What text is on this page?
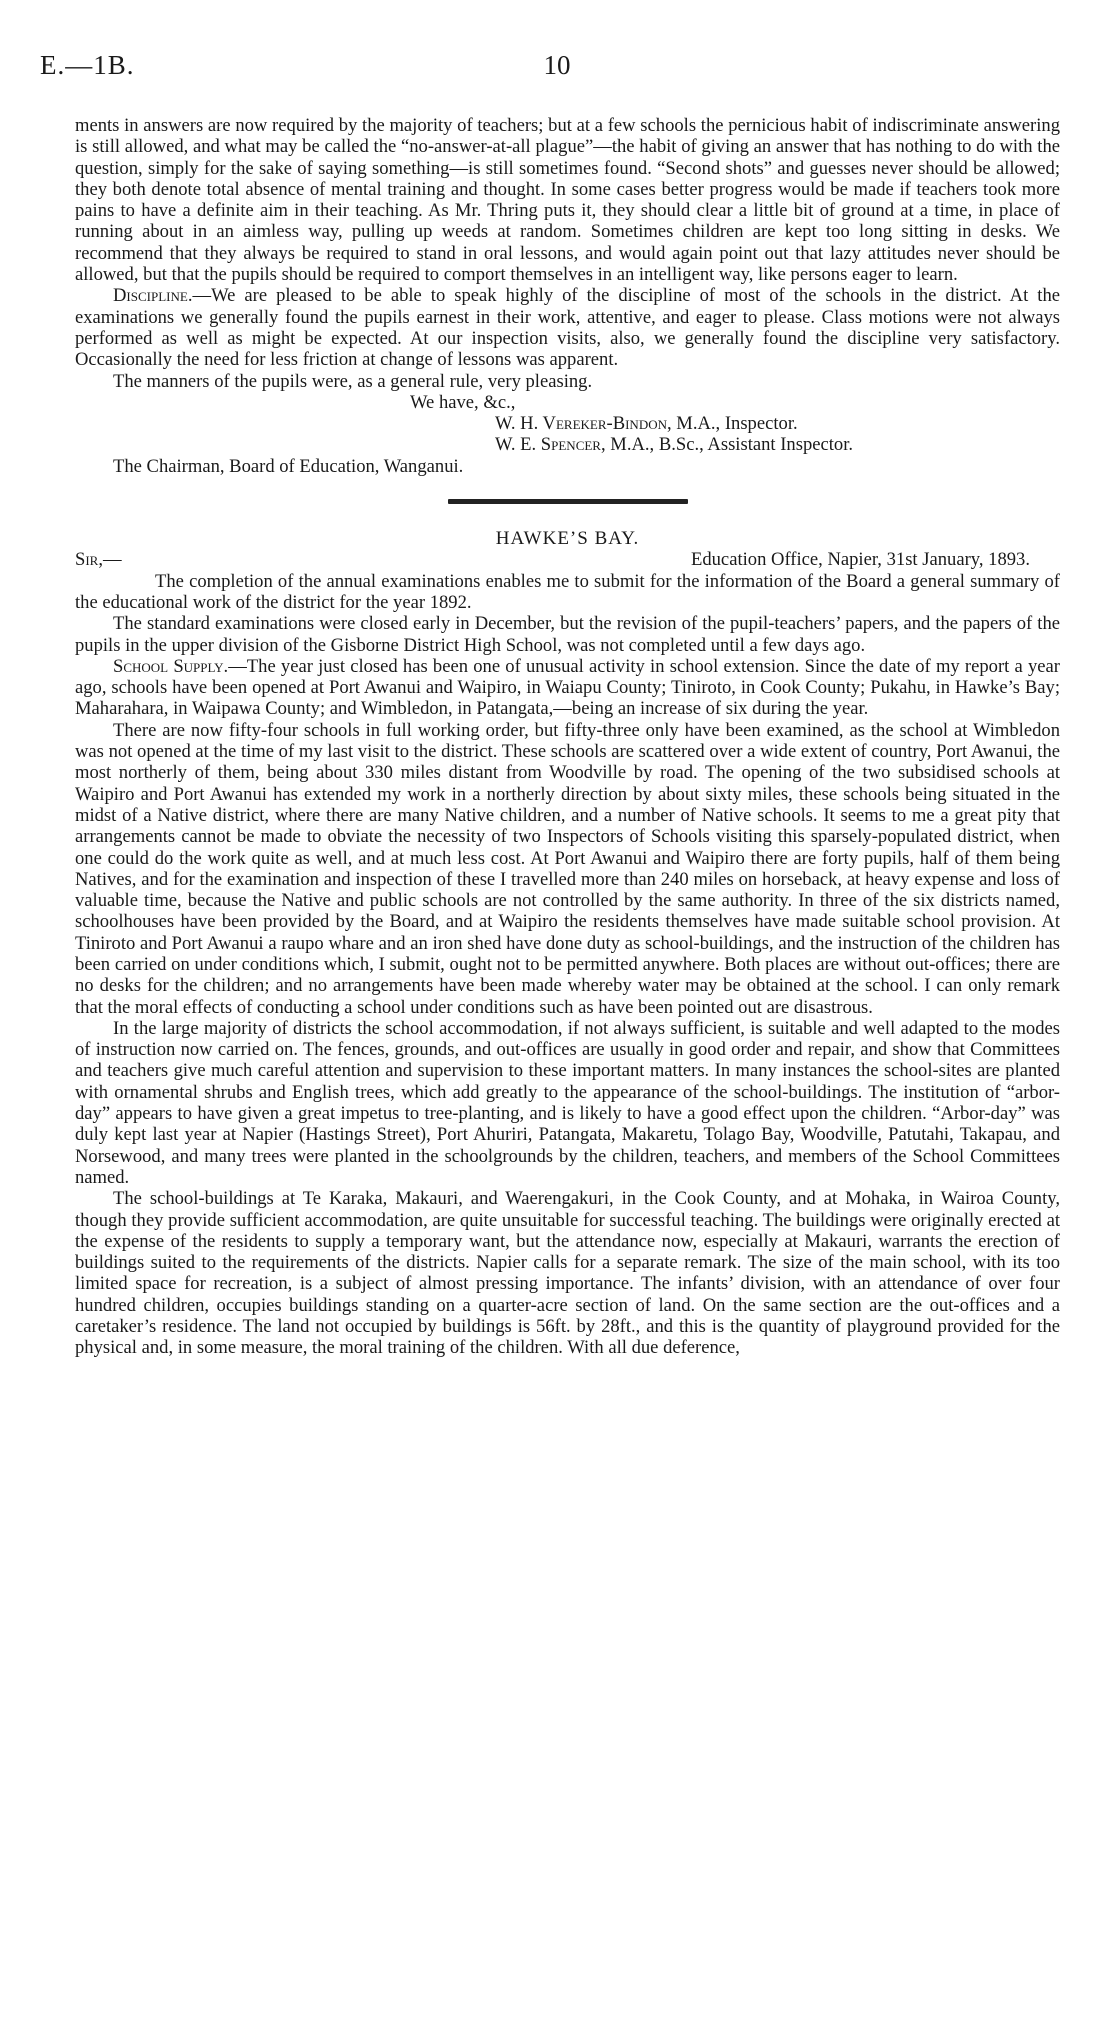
E.—1B.	10

ments in answers are now required by the majority of teachers; but at a few schools the pernicious habit of indiscriminate answering is still allowed, and what may be called the “no-answer-at-all plague”—the habit of giving an answer that has nothing to do with the question, simply for the sake of saying something—is still sometimes found. “Second shots” and guesses never should be allowed; they both denote total absence of mental training and thought. In some cases better progress would be made if teachers took more pains to have a definite aim in their teaching. As Mr. Thring puts it, they should clear a little bit of ground at a time, in place of running about in an aimless way, pulling up weeds at random. Sometimes children are kept too long sitting in desks. We recommend that they always be required to stand in oral lessons, and would again point out that lazy attitudes never should be allowed, but that the pupils should be required to comport themselves in an intelligent way, like persons eager to learn.

Discipline.—We are pleased to be able to speak highly of the discipline of most of the schools in the district. At the examinations we generally found the pupils earnest in their work, attentive, and eager to please. Class motions were not always performed as well as might be expected. At our inspection visits, also, we generally found the discipline very satisfactory. Occasionally the need for less friction at change of lessons was apparent.

The manners of the pupils were, as a general rule, very pleasing.

We have, &c.,

W. H. Vereker-Bindon, M.A., Inspector.

W. E. Spencer, M.A., B.Sc., Assistant Inspector.

The Chairman, Board of Education, Wanganui.

HAWKE’S BAY.

Sir,—	Education Office, Napier, 31st January, 1893.

The completion of the annual examinations enables me to submit for the information of the Board a general summary of the educational work of the district for the year 1892.

The standard examinations were closed early in December, but the revision of the pupil-teachers’ papers, and the papers of the pupils in the upper division of the Gisborne District High School, was not completed until a few days ago.

School Supply.—The year just closed has been one of unusual activity in school extension. Since the date of my report a year ago, schools have been opened at Port Awanui and Waipiro, in Waiapu County; Tiniroto, in Cook County; Pukahu, in Hawke’s Bay; Maharahara, in Waipawa County; and Wimbledon, in Patangata,—being an increase of six during the year.

There are now fifty-four schools in full working order, but fifty-three only have been examined, as the school at Wimbledon was not opened at the time of my last visit to the district. These schools are scattered over a wide extent of country, Port Awanui, the most northerly of them, being about 330 miles distant from Woodville by road. The opening of the two subsidised schools at Waipiro and Port Awanui has extended my work in a northerly direction by about sixty miles, these schools being situated in the midst of a Native district, where there are many Native children, and a number of Native schools. It seems to me a great pity that arrangements cannot be made to obviate the necessity of two Inspectors of Schools visiting this sparsely-populated district, when one could do the work quite as well, and at much less cost. At Port Awanui and Waipiro there are forty pupils, half of them being Natives, and for the examination and inspection of these I travelled more than 240 miles on horseback, at heavy expense and loss of valuable time, because the Native and public schools are not controlled by the same authority. In three of the six districts named, schoolhouses have been provided by the Board, and at Waipiro the residents themselves have made suitable school provision. At Tiniroto and Port Awanui a raupo whare and an iron shed have done duty as school-buildings, and the instruction of the children has been carried on under conditions which, I submit, ought not to be permitted anywhere. Both places are without out-offices; there are no desks for the children; and no arrangements have been made whereby water may be obtained at the school. I can only remark that the moral effects of conducting a school under conditions such as have been pointed out are disastrous.

In the large majority of districts the school accommodation, if not always sufficient, is suitable and well adapted to the modes of instruction now carried on. The fences, grounds, and out-offices are usually in good order and repair, and show that Committees and teachers give much careful attention and supervision to these important matters. In many instances the school-sites are planted with ornamental shrubs and English trees, which add greatly to the appearance of the school-buildings. The institution of “arbor-day” appears to have given a great impetus to tree-planting, and is likely to have a good effect upon the children. “Arbor-day” was duly kept last year at Napier (Hastings Street), Port Ahuriri, Patangata, Makaretu, Tolago Bay, Woodville, Patutahi, Takapau, and Norsewood, and many trees were planted in the schoolgrounds by the children, teachers, and members of the School Committees named.

The school-buildings at Te Karaka, Makauri, and Waerengakuri, in the Cook County, and at Mohaka, in Wairoa County, though they provide sufficient accommodation, are quite unsuitable for successful teaching. The buildings were originally erected at the expense of the residents to supply a temporary want, but the attendance now, especially at Makauri, warrants the erection of buildings suited to the requirements of the districts. Napier calls for a separate remark. The size of the main school, with its too limited space for recreation, is a subject of almost pressing importance. The infants’ division, with an attendance of over four hundred children, occupies buildings standing on a quarter-acre section of land. On the same section are the out-offices and a caretaker’s residence. The land not occupied by buildings is 56ft. by 28ft., and this is the quantity of playground provided for the physical and, in some measure, the moral training of the children. With all due deference,
